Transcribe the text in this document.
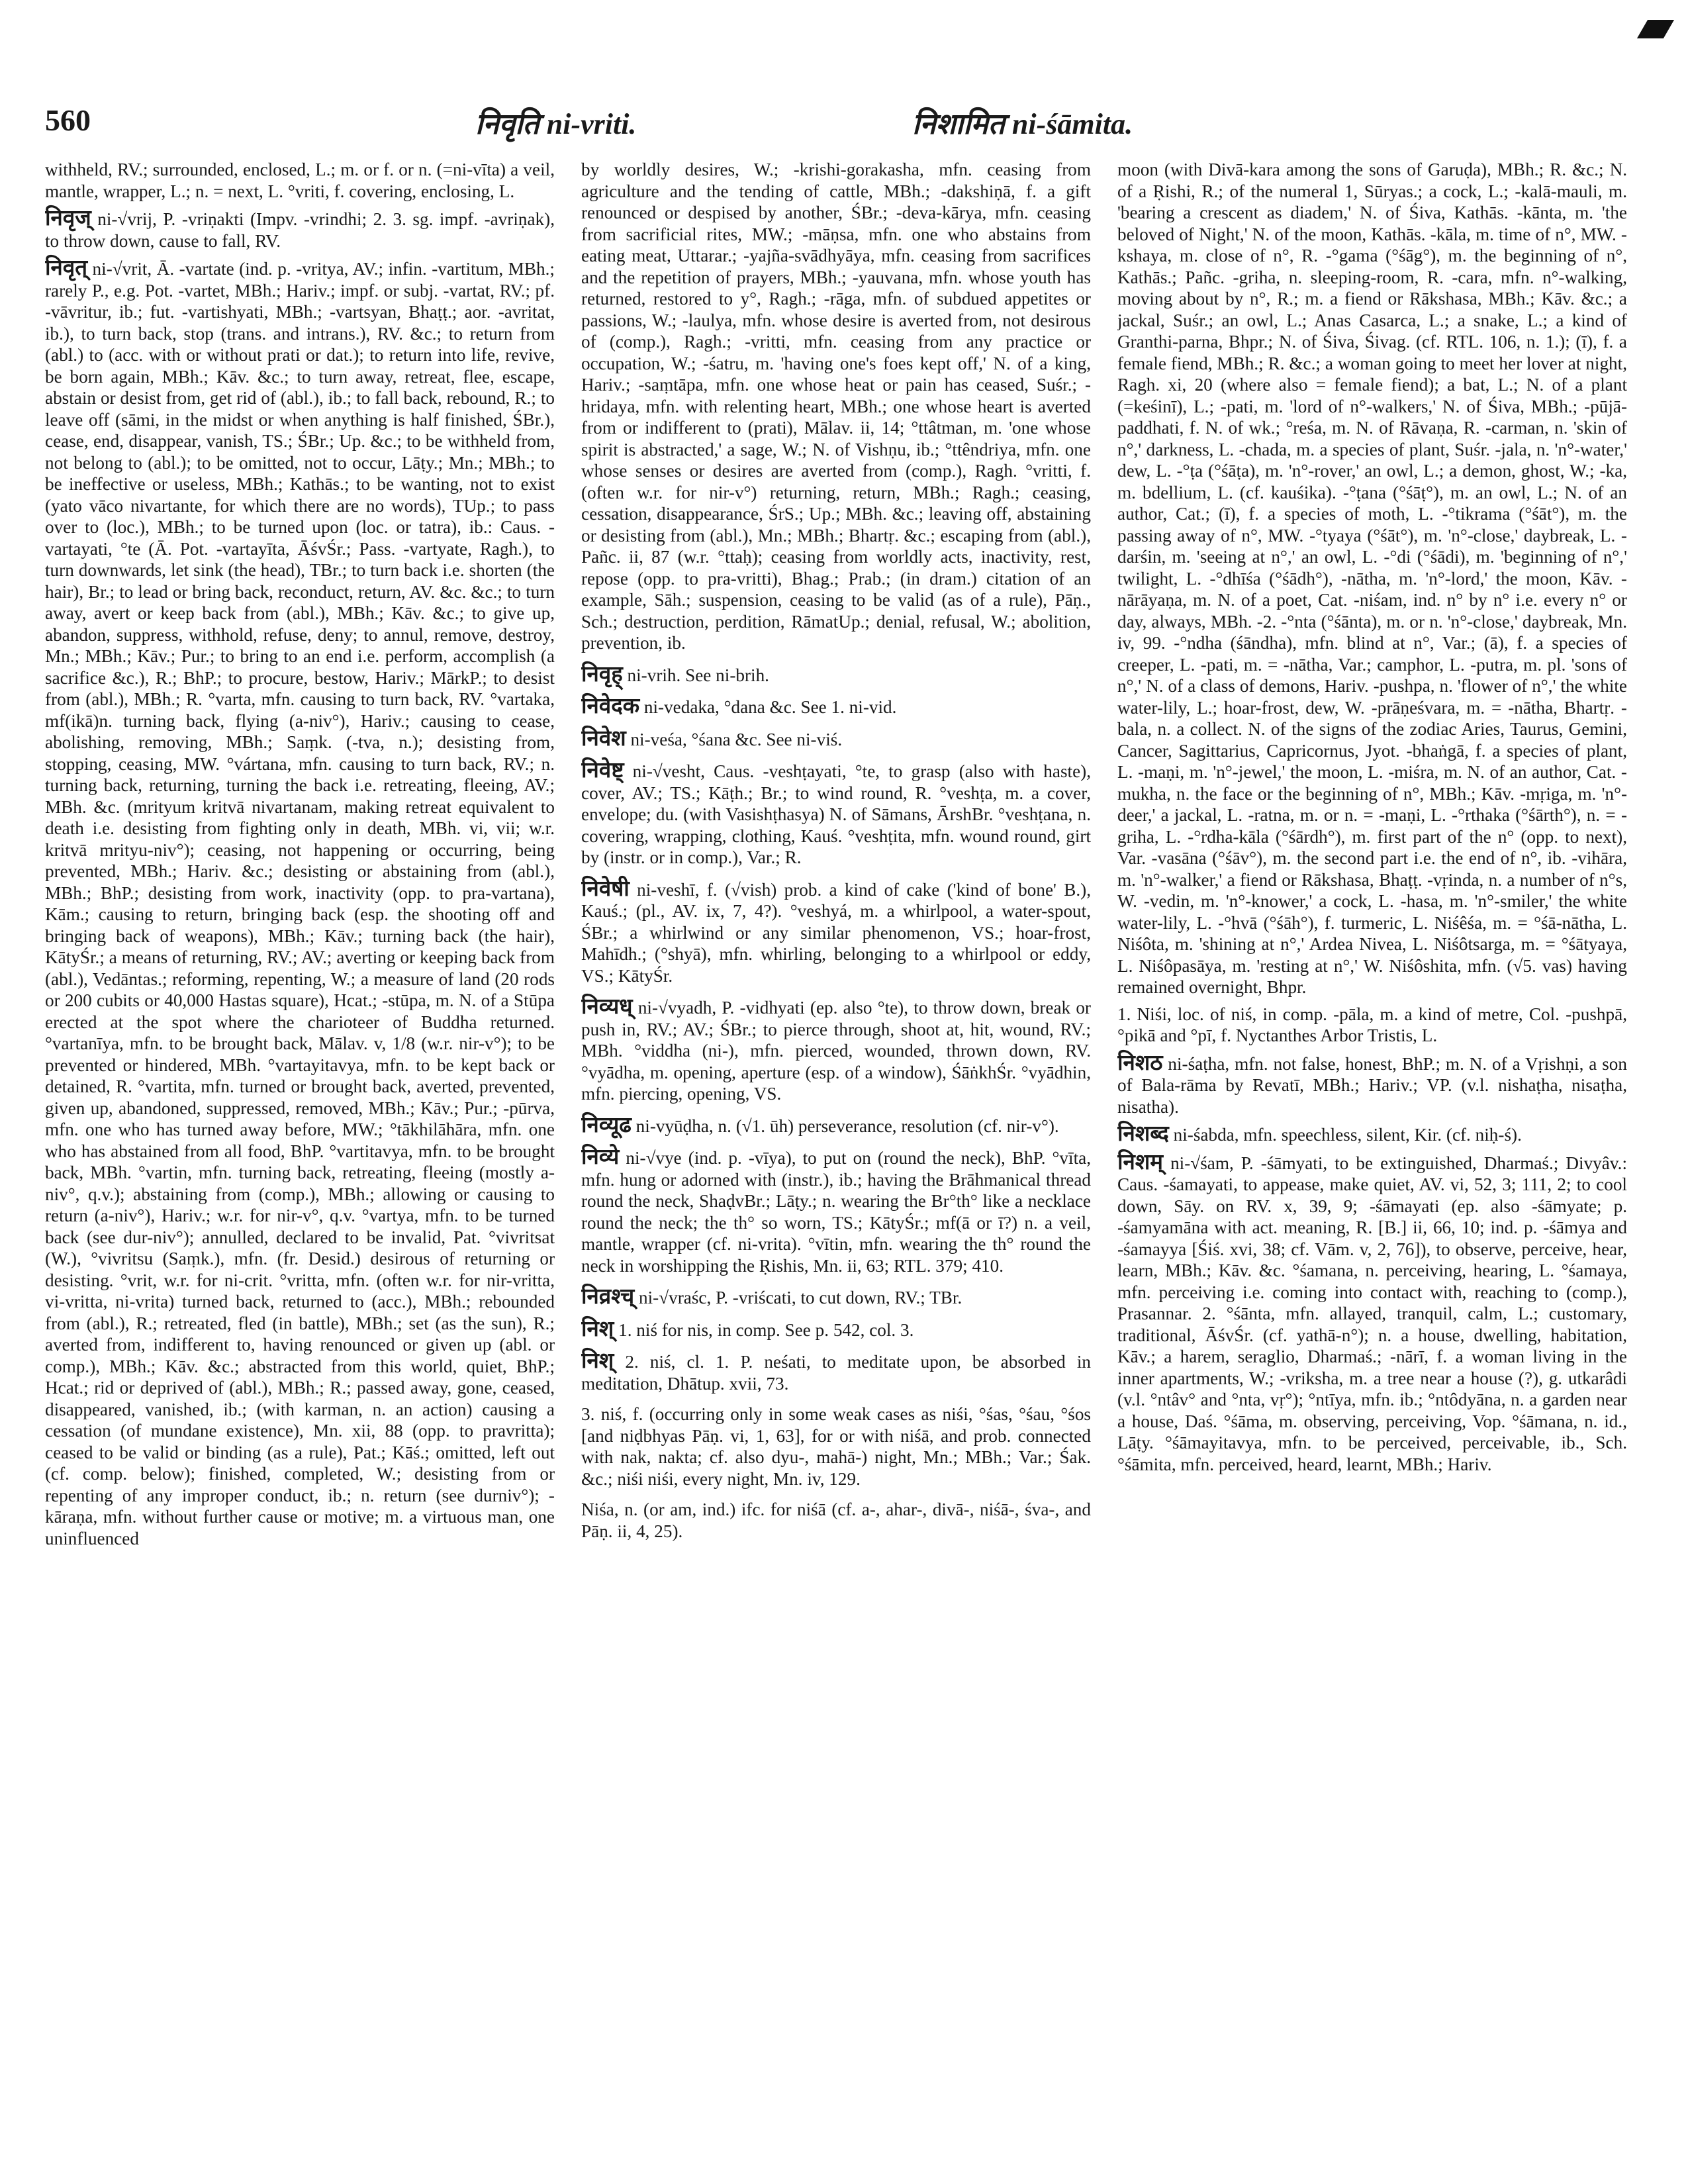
560	निवृति ni-vriti.	निशामित ni-śāmita.

withheld, RV.; surrounded, enclosed, L.; m. or f. or n. (=ni-vīta) a veil, mantle, wrapper, L.; n. = next, L. °vriti, f. covering, enclosing, L.

निवृज् ni-√vrij, P. -vriṇakti (Impv. -vrindhi; 2. 3. sg. impf. -avriṇak), to throw down, cause to fall, RV.

निवृत् ni-√vrit, Ā. -vartate (ind. p. -vritya, AV.; infin. -vartitum, MBh.; rarely P., e.g. Pot. -vartet, MBh.; Hariv.; impf. or subj. -vartat, RV.; pf. -vāvritur, ib.; fut. -vartishyati, MBh.; -vartsyan, Bhaṭṭ.; aor. -avritat, ib.), to turn back, stop (trans. and intrans.), RV. &c.; to return from (abl.) to (acc. with or without prati or dat.); to return into life, revive, be born again, MBh.; Kāv. &c.; to turn away, retreat, flee, escape, abstain or desist from, get rid of (abl.), ib.; to fall back, rebound, R.; to leave off (sāmi, in the midst or when anything is half finished, ŚBr.), cease, end, disappear, vanish, TS.; ŚBr.; Up. &c.; to be withheld from, not belong to (abl.); to be omitted, not to occur, Lāṭy.; Mn.; MBh.; to be ineffective or useless, MBh.; Kathās.; to be wanting, not to exist (yato vāco nivartante, for which there are no words), TUp.; to pass over to (loc.), MBh.; to be turned upon (loc. or tatra), ib.: Caus. -vartayati, °te (Ā. Pot. -vartayīta, ĀśvŚr.; Pass. -vartyate, Ragh.), to turn downwards, let sink (the head), TBr.; to turn back i.e. shorten (the hair), Br.; to lead or bring back, reconduct, return, AV. &c. &c.; to turn away, avert or keep back from (abl.), MBh.; Kāv. &c.; to give up, abandon, suppress, withhold, refuse, deny; to annul, remove, destroy, Mn.; MBh.; Kāv.; Pur.; to bring to an end i.e. perform, accomplish (a sacrifice &c.), R.; BhP.; to procure, bestow, Hariv.; MārkP.; to desist from (abl.), MBh.; R. °varta, mfn. causing to turn back, RV. °vartaka, mf(ikā)n. turning back, flying (a-niv°), Hariv.; causing to cease, abolishing, removing, MBh.; Saṃk. (-tva, n.); desisting from, stopping, ceasing, MW. °vártana, mfn. causing to turn back, RV.; n. turning back, returning, turning the back i.e. retreating, fleeing, AV.; MBh. &c. (mrityum kritvā nivartanam, making retreat equivalent to death i.e. desisting from fighting only in death, MBh. vi, vii; w.r. kritvā mrityu-niv°); ceasing, not happening or occurring, being prevented, MBh.; Hariv. &c.; desisting or abstaining from (abl.), MBh.; BhP.; desisting from work, inactivity (opp. to pra-vartana), Kām.; causing to return, bringing back (esp. the shooting off and bringing back of weapons), MBh.; Kāv.; turning back (the hair), KātyŚr.; a means of returning, RV.; AV.; averting or keeping back from (abl.), Vedāntas.; reforming, repenting, W.; a measure of land (20 rods or 200 cubits or 40,000 Hastas square), Hcat.; -stūpa, m. N. of a Stūpa erected at the spot where the charioteer of Buddha returned. °vartanīya, mfn. to be brought back, Mālav. v, 1/8 (w.r. nir-v°); to be prevented or hindered, MBh. °vartayitavya, mfn. to be kept back or detained, R. °vartita, mfn. turned or brought back, averted, prevented, given up, abandoned, suppressed, removed, MBh.; Kāv.; Pur.; -pūrva, mfn. one who has turned away before, MW.; °tākhilāhāra, mfn. one who has abstained from all food, BhP. °vartitavya, mfn. to be brought back, MBh. °vartin, mfn. turning back, retreating, fleeing (mostly a-niv°, q.v.); abstaining from (comp.), MBh.; allowing or causing to return (a-niv°), Hariv.; w.r. for nir-v°, q.v. °vartya, mfn. to be turned back (see dur-niv°); annulled, declared to be invalid, Pat. °vivritsat (W.), °vivritsu (Saṃk.), mfn. (fr. Desid.) desirous of returning or desisting. °vrit, w.r. for ni-crit. °vritta, mfn. (often w.r. for nir-vritta, vi-vritta, ni-vrita) turned back, returned to (acc.), MBh.; rebounded from (abl.), R.; retreated, fled (in battle), MBh.; set (as the sun), R.; averted from, indifferent to, having renounced or given up (abl. or comp.), MBh.; Kāv. &c.; abstracted from this world, quiet, BhP.; Hcat.; rid or deprived of (abl.), MBh.; R.; passed away, gone, ceased, disappeared, vanished, ib.; (with karman, n. an action) causing a cessation (of mundane existence), Mn. xii, 88 (opp. to pravritta); ceased to be valid or binding (as a rule), Pat.; Kāś.; omitted, left out (cf. comp. below); finished, completed, W.; desisting from or repenting of any improper conduct, ib.; n. return (see durniv°); -kāraṇa, mfn. without further cause or motive; m. a virtuous man, one uninfluenced

by worldly desires, W.; -krishi-gorakasha, mfn. ceasing from agriculture and the tending of cattle, MBh.; -dakshiṇā, f. a gift renounced or despised by another, ŚBr.; -deva-kārya, mfn. ceasing from sacrificial rites, MW.; -māṇsa, mfn. one who abstains from eating meat, Uttarar.; -yajña-svādhyāya, mfn. ceasing from sacrifices and the repetition of prayers, MBh.; -yauvana, mfn. whose youth has returned, restored to y°, Ragh.; -rāga, mfn. of subdued appetites or passions, W.; -laulya, mfn. whose desire is averted from, not desirous of (comp.), Ragh.; -vritti, mfn. ceasing from any practice or occupation, W.; -śatru, m. 'having one's foes kept off,' N. of a king, Hariv.; -saṃtāpa, mfn. one whose heat or pain has ceased, Suśr.; -hridaya, mfn. with relenting heart, MBh.; one whose heart is averted from or indifferent to (prati), Mālav. ii, 14; °ttâtman, m. 'one whose spirit is abstracted,' a sage, W.; N. of Vishṇu, ib.; °ttêndriya, mfn. one whose senses or desires are averted from (comp.), Ragh. °vritti, f. (often w.r. for nir-v°) returning, return, MBh.; Ragh.; ceasing, cessation, disappearance, ŚrS.; Up.; MBh. &c.; leaving off, abstaining or desisting from (abl.), Mn.; MBh.; Bhartṛ. &c.; escaping from (abl.), Pañc. ii, 87 (w.r. °ttaḥ); ceasing from worldly acts, inactivity, rest, repose (opp. to pra-vritti), Bhag.; Prab.; (in dram.) citation of an example, Sāh.; suspension, ceasing to be valid (as of a rule), Pāṇ., Sch.; destruction, perdition, RāmatUp.; denial, refusal, W.; abolition, prevention, ib.

निवृह् ni-vrih. See ni-brih.

निवेदक ni-vedaka, °dana &c. See 1. ni-vid.

निवेश ni-veśa, °śana &c. See ni-viś.

निवेष्ट् ni-√vesht, Caus. -veshṭayati, °te, to grasp (also with haste), cover, AV.; TS.; Kāṭh.; Br.; to wind round, R. °veshṭa, m. a cover, envelope; du. (with Vasishṭhasya) N. of Sāmans, ĀrshBr. °veshṭana, n. covering, wrapping, clothing, Kauś. °veshṭita, mfn. wound round, girt by (instr. or in comp.), Var.; R.

निवेषी ni-veshī, f. (√vish) prob. a kind of cake ('kind of bone' B.), Kauś.; (pl., AV. ix, 7, 4?). °veshyá, m. a whirlpool, a water-spout, ŚBr.; a whirlwind or any similar phenomenon, VS.; hoar-frost, Mahīdh.; (°shyā), mfn. whirling, belonging to a whirlpool or eddy, VS.; KātyŚr.

निव्यध् ni-√vyadh, P. -vidhyati (ep. also °te), to throw down, break or push in, RV.; AV.; ŚBr.; to pierce through, shoot at, hit, wound, RV.; MBh. °viddha (ni-), mfn. pierced, wounded, thrown down, RV. °vyādha, m. opening, aperture (esp. of a window), ŚāṅkhŚr. °vyādhin, mfn. piercing, opening, VS.

निव्यूढ ni-vyūḍha, n. (√1. ūh) perseverance, resolution (cf. nir-v°).

निव्ये ni-√vye (ind. p. -vīya), to put on (round the neck), BhP. °vīta, mfn. hung or adorned with (instr.), ib.; having the Brāhmanical thread round the neck, ShaḍvBr.; Lāṭy.; n. wearing the Br°th° like a necklace round the neck; the th° so worn, TS.; KātyŚr.; mf(ā or ī?) n. a veil, mantle, wrapper (cf. ni-vrita). °vītin, mfn. wearing the th° round the neck in worshipping the Ṛishis, Mn. ii, 63; RTL. 379; 410.

निव्रश्च् ni-√vraśc, P. -vriścati, to cut down, RV.; TBr.

निश् 1. niś for nis, in comp. See p. 542, col. 3.

निश् 2. niś, cl. 1. P. neśati, to meditate upon, be absorbed in meditation, Dhātup. xvii, 73.

3. niś, f. (occurring only in some weak cases as niśi, °śas, °śau, °śos [and niḍbhyas Pāṇ. vi, 1, 63], for or with niśā, and prob. connected with nak, nakta; cf. also dyu-, mahā-) night, Mn.; MBh.; Var.; Śak. &c.; niśi niśi, every night, Mn. iv, 129.

Niśa, n. (or am, ind.) ifc. for niśā (cf. a-, ahar-, divā-, niśā-, śva-, and Pāṇ. ii, 4, 25).

moon (with Divā-kara among the sons of Garuḍa), MBh.; R. &c.; N. of a Ṛishi, R.; of the numeral 1, Sūryas.; a cock, L.; -kalā-mauli, m. 'bearing a crescent as diadem,' N. of Śiva, Kathās. -kānta, m. 'the beloved of Night,' N. of the moon, Kathās. -kāla, m. time of n°, MW. -kshaya, m. close of n°, R. -°gama (°śāg°), m. the beginning of n°, Kathās.; Pañc. -griha, n. sleeping-room, R. -cara, mfn. n°-walking, moving about by n°, R.; m. a fiend or Rākshasa, MBh.; Kāv. &c.; a jackal, Suśr.; an owl, L.; Anas Casarca, L.; a snake, L.; a kind of Granthi-parna, Bhpr.; N. of Śiva, Śivag. (cf. RTL. 106, n. 1.); (ī), f. a female fiend, MBh.; R. &c.; a woman going to meet her lover at night, Ragh. xi, 20 (where also = female fiend); a bat, L.; N. of a plant (=keśinī), L.; -pati, m. 'lord of n°-walkers,' N. of Śiva, MBh.; -pūjā-paddhati, f. N. of wk.; °reśa, m. N. of Rāvaṇa, R. -carman, n. 'skin of n°,' darkness, L. -chada, m. a species of plant, Suśr. -jala, n. 'n°-water,' dew, L. -°ṭa (°śāṭa), m. 'n°-rover,' an owl, L.; a demon, ghost, W.; -ka, m. bdellium, L. (cf. kauśika). -°ṭana (°śāṭ°), m. an owl, L.; N. of an author, Cat.; (ī), f. a species of moth, L. -°tikrama (°śāt°), m. the passing away of n°, MW. -°tyaya (°śāt°), m. 'n°-close,' daybreak, L. -darśin, m. 'seeing at n°,' an owl, L. -°di (°śādi), m. 'beginning of n°,' twilight, L. -°dhīśa (°śādh°), -nātha, m. 'n°-lord,' the moon, Kāv. -nārāyaṇa, m. N. of a poet, Cat. -niśam, ind. n° by n° i.e. every n° or day, always, MBh. -2. -°nta (°śānta), m. or n. 'n°-close,' daybreak, Mn. iv, 99. -°ndha (śāndha), mfn. blind at n°, Var.; (ā), f. a species of creeper, L. -pati, m. = -nātha, Var.; camphor, L. -putra, m. pl. 'sons of n°,' N. of a class of demons, Hariv. -pushpa, n. 'flower of n°,' the white water-lily, L.; hoar-frost, dew, W. -prāṇeśvara, m. = -nātha, Bhartṛ. -bala, n. a collect. N. of the signs of the zodiac Aries, Taurus, Gemini, Cancer, Sagittarius, Capricornus, Jyot. -bhaṅgā, f. a species of plant, L. -maṇi, m. 'n°-jewel,' the moon, L. -miśra, m. N. of an author, Cat. -mukha, n. the face or the beginning of n°, MBh.; Kāv. -mṛiga, m. 'n°-deer,' a jackal, L. -ratna, m. or n. = -maṇi, L. -°rthaka (°śārth°), n. = -griha, L. -°rdha-kāla (°śārdh°), m. first part of the n° (opp. to next), Var. -vasāna (°śāv°), m. the second part i.e. the end of n°, ib. -vihāra, m. 'n°-walker,' a fiend or Rākshasa, Bhaṭṭ. -vṛinda, n. a number of n°s, W. -vedin, m. 'n°-knower,' a cock, L. -hasa, m. 'n°-smiler,' the white water-lily, L. -°hvā (°śāh°), f. turmeric, L. Niśêśa, m. = °śā-nātha, L. Niśôta, m. 'shining at n°,' Ardea Nivea, L. Niśôtsarga, m. = °śātyaya, L. Niśôpasāya, m. 'resting at n°,' W. Niśôshita, mfn. (√5. vas) having remained overnight, Bhpr.

1. Niśi, loc. of niś, in comp. -pāla, m. a kind of metre, Col. -pushpā, °pikā and °pī, f. Nyctanthes Arbor Tristis, L.

निशठ ni-śaṭha, mfn. not false, honest, BhP.; m. N. of a Vṛishṇi, a son of Bala-rāma by Revatī, MBh.; Hariv.; VP. (v.l. nishaṭha, nisaṭha, nisatha).

निशब्द ni-śabda, mfn. speechless, silent, Kir. (cf. niḥ-ś).

निशम् ni-√śam, P. -śāmyati, to be extinguished, Dharmaś.; Divyâv.: Caus. -śamayati, to appease, make quiet, AV. vi, 52, 3; 111, 2; to cool down, Sāy. on RV. x, 39, 9; -śāmayati (ep. also -śāmyate; p. -śamyamāna with act. meaning, R. [B.] ii, 66, 10; ind. p. -śāmya and -śamayya [Śiś. xvi, 38; cf. Vām. v, 2, 76]), to observe, perceive, hear, learn, MBh.; Kāv. &c. °śamana, n. perceiving, hearing, L. °śamaya, mfn. perceiving i.e. coming into contact with, reaching to (comp.), Prasannar. 2. °śānta, mfn. allayed, tranquil, calm, L.; customary, traditional, ĀśvŚr. (cf. yathā-n°); n. a house, dwelling, habitation, Kāv.; a harem, seraglio, Dharmaś.; -nārī, f. a woman living in the inner apartments, W.; -vriksha, m. a tree near a house (?), g. utkarâdi (v.l. °ntâv° and °nta, vṛ°); °ntīya, mfn. ib.; °ntôdyāna, n. a garden near a house, Daś. °śāma, m. observing, perceiving, Vop. °śāmana, n. id., Lāṭy. °śāmayitavya, mfn. to be perceived, perceivable, ib., Sch. °śāmita, mfn. perceived, heard, learnt, MBh.; Hariv.
